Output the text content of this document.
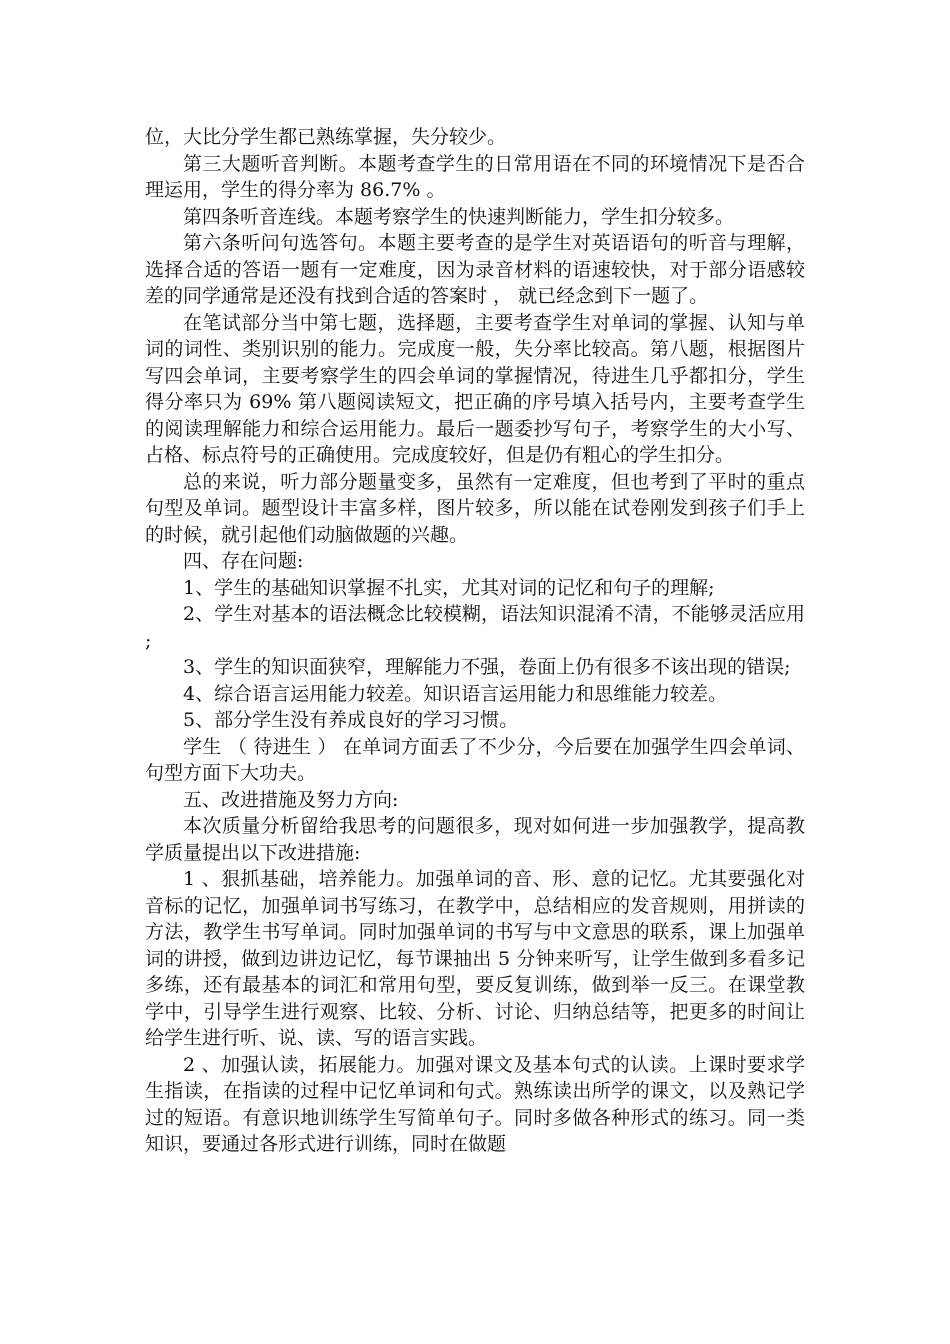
位，大比分学生都已熟练掌握，失分较少。

第三大题听音判断。本题考查学生的日常用语在不同的环境情况下是否合理运用，学生的得分率为 86.7% 。

第四条听音连线。本题考察学生的快速判断能力，学生扣分较多。

第六条听问句选答句。本题主要考查的是学生对英语语句的听音与理解，选择合适的答语一题有一定难度，因为录音材料的语速较快，对于部分语感较差的同学通常是还没有找到合适的答案时 ， 就已经念到下一题了。

在笔试部分当中第七题，选择题，主要考查学生对单词的掌握、认知与单词的词性、类别识别的能力。完成度一般，失分率比较高。第八题，根据图片写四会单词，主要考察学生的四会单词的掌握情况，待进生几乎都扣分，学生得分率只为 69% 第八题阅读短文，把正确的序号填入括号内，主要考查学生的阅读理解能力和综合运用能力。最后一题委抄写句子，考察学生的大小写、占格、标点符号的正确使用。完成度较好，但是仍有粗心的学生扣分。

总的来说，听力部分题量变多，虽然有一定难度，但也考到了平时的重点句型及单词。题型设计丰富多样，图片较多，所以能在试卷刚发到孩子们手上的时候，就引起他们动脑做题的兴趣。

四、存在问题:

1、学生的基础知识掌握不扎实，尤其对词的记忆和句子的理解;

2、学生对基本的语法概念比较模糊，语法知识混淆不清，不能够灵活应用;

3、学生的知识面狭窄，理解能力不强，卷面上仍有很多不该出现的错误;

4、综合语言运用能力较差。知识语言运用能力和思维能力较差。

5、部分学生没有养成良好的学习习惯。

学生 （ 待进生 ） 在单词方面丢了不少分，今后要在加强学生四会单词、句型方面下大功夫。

五、改进措施及努力方向:

本次质量分析留给我思考的问题很多，现对如何进一步加强教学，提高教学质量提出以下改进措施:

1 、狠抓基础，培养能力。加强单词的音、形、意的记忆。尤其要强化对音标的记忆，加强单词书写练习，在教学中，总结相应的发音规则，用拼读的方法，教学生书写单词。同时加强单词的书写与中文意思的联系，课上加强单词的讲授，做到边讲边记忆，每节课抽出 5 分钟来听写，让学生做到多看多记多练，还有最基本的词汇和常用句型，要反复训练，做到举一反三。在课堂教学中，引导学生进行观察、比较、分析、讨论、归纳总结等，把更多的时间让给学生进行听、说、读、写的语言实践。

2 、加强认读，拓展能力。加强对课文及基本句式的认读。上课时要求学生指读，在指读的过程中记忆单词和句式。熟练读出所学的课文，以及熟记学过的短语。有意识地训练学生写简单句子。同时多做各种形式的练习。同一类知识，要通过各形式进行训练，同时在做题
